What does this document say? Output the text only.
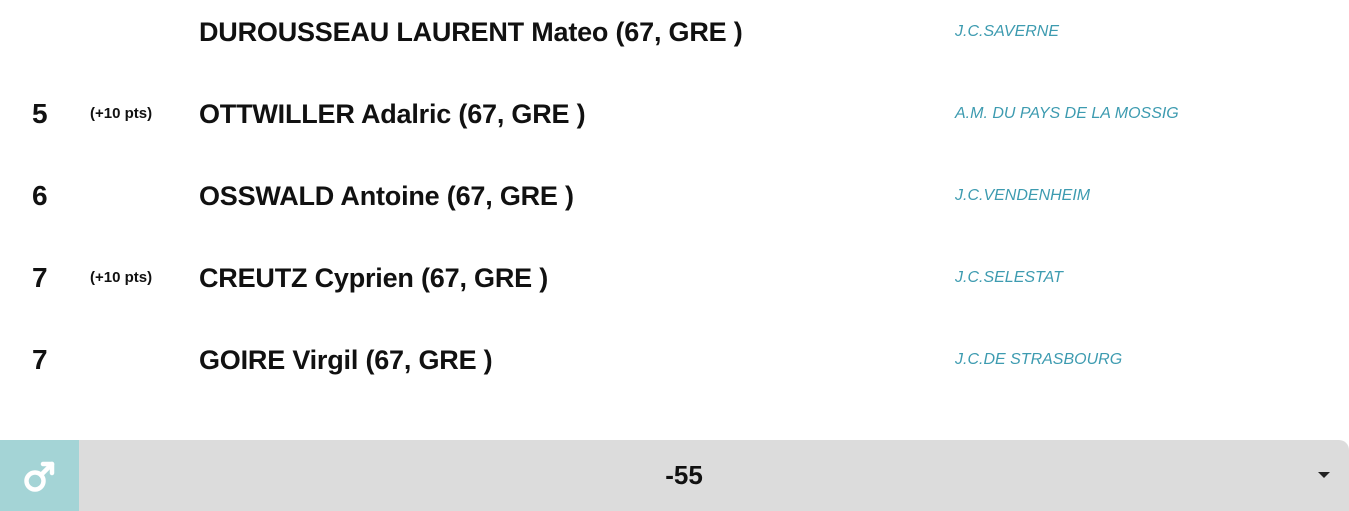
DUROUSSEAU LAURENT Mateo (67, GRE )	J.C.SAVERNE
5	(+10 pts) OTTWILLER Adalric (67, GRE )	A.M. DU PAYS DE LA MOSSIG
6	OSSWALD Antoine (67, GRE )	J.C.VENDENHEIM
7	(+10 pts) CREUTZ Cyprien (67, GRE )	J.C.SELESTAT
7	GOIRE Virgil (67, GRE )	J.C.DE STRASBOURG
-55
